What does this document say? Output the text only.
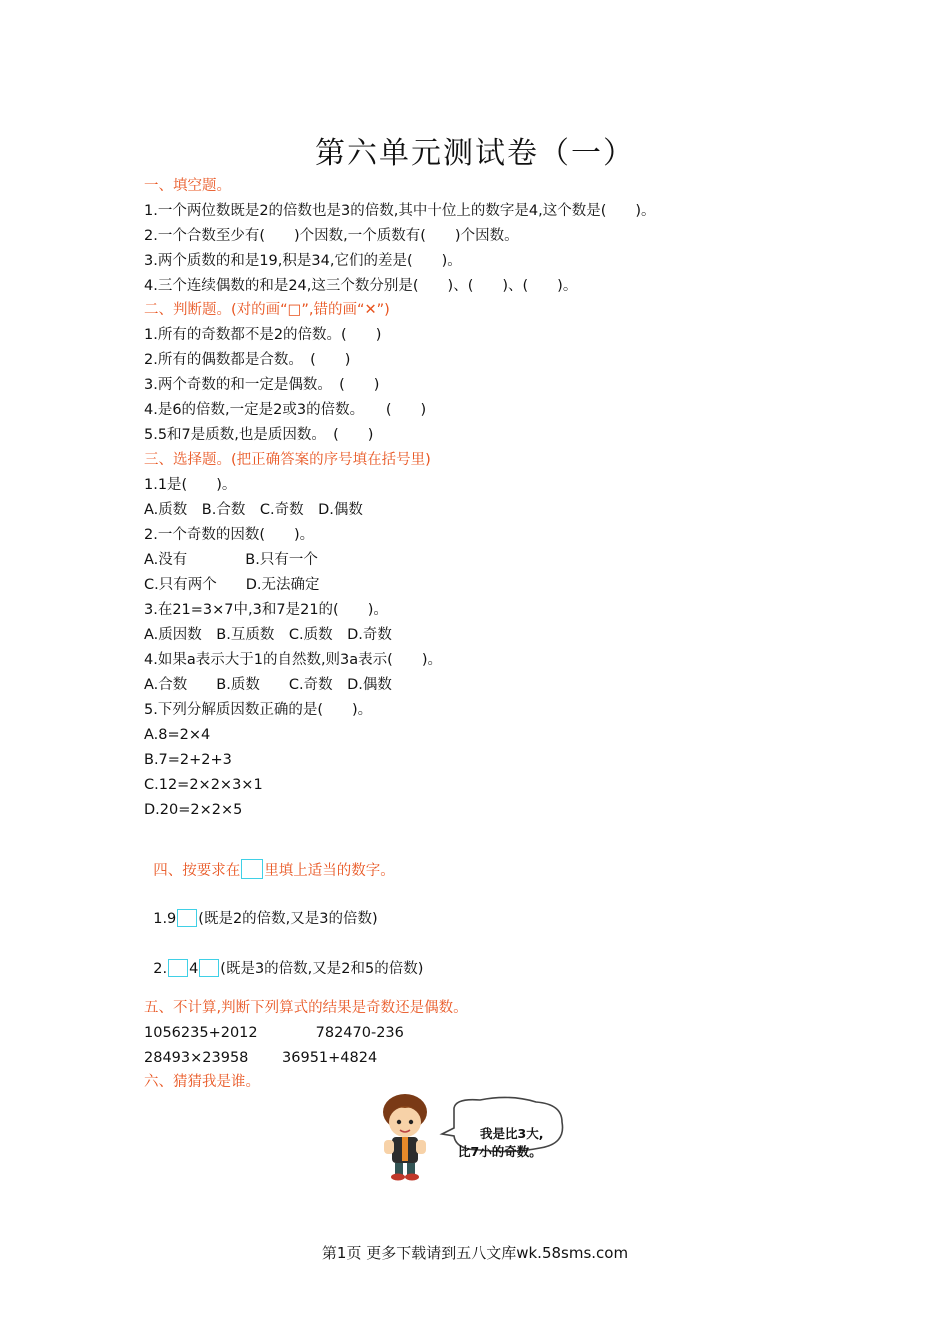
第六单元测试卷（一）
一、填空题。
1.一个两位数既是2的倍数也是3的倍数,其中十位上的数字是4,这个数是(　　)。
2.一个合数至少有(　　)个因数,一个质数有(　　)个因数。
3.两个质数的和是19,积是34,它们的差是(　　)。
4.三个连续偶数的和是24,这三个数分别是(　　)、(　　)、(　　)。
二、判断题。(对的画“□”,错的画“✕”)
1.所有的奇数都不是2的倍数。(　　)
2.所有的偶数都是合数。　(　　)
3.两个奇数的和一定是偶数。　(　　)
4.是6的倍数,一定是2或3的倍数。　　(　　)
5.5和7是质数,也是质因数。　(　　)
三、选择题。(把正确答案的序号填在括号里)
1.1是(　　)。
A.质数　B.合数　C.奇数　D.偶数
2.一个奇数的因数(　　)。
A.没有　　　　B.只有一个
C.只有两个　　D.无法确定
3.在21=3×7中,3和7是21的(　　)。
A.质因数　B.互质数　C.质数　D.奇数
4.如果a表示大于1的自然数,则3a表示(　　)。
A.合数　　B.质数　　C.奇数　D.偶数
5.下列分解质因数正确的是(　　)。
A.8=2×4
B.7=2+2+3
C.12=2×2×3×1
D.20=2×2×5

四、按要求在 里填上适当的数字。

1.9 (既是2的倍数,又是3的倍数)

2. 4 (既是3的倍数,又是2和5的倍数)

五、不计算,判断下列算式的结果是奇数还是偶数。
1056235+2012　　　　782470-236
28493×23958　　 36951+4824
六、猜猜我是谁。
我是比3大,
比7小的奇数。
第1页 更多下载请到五八文库wk.58sms.com
